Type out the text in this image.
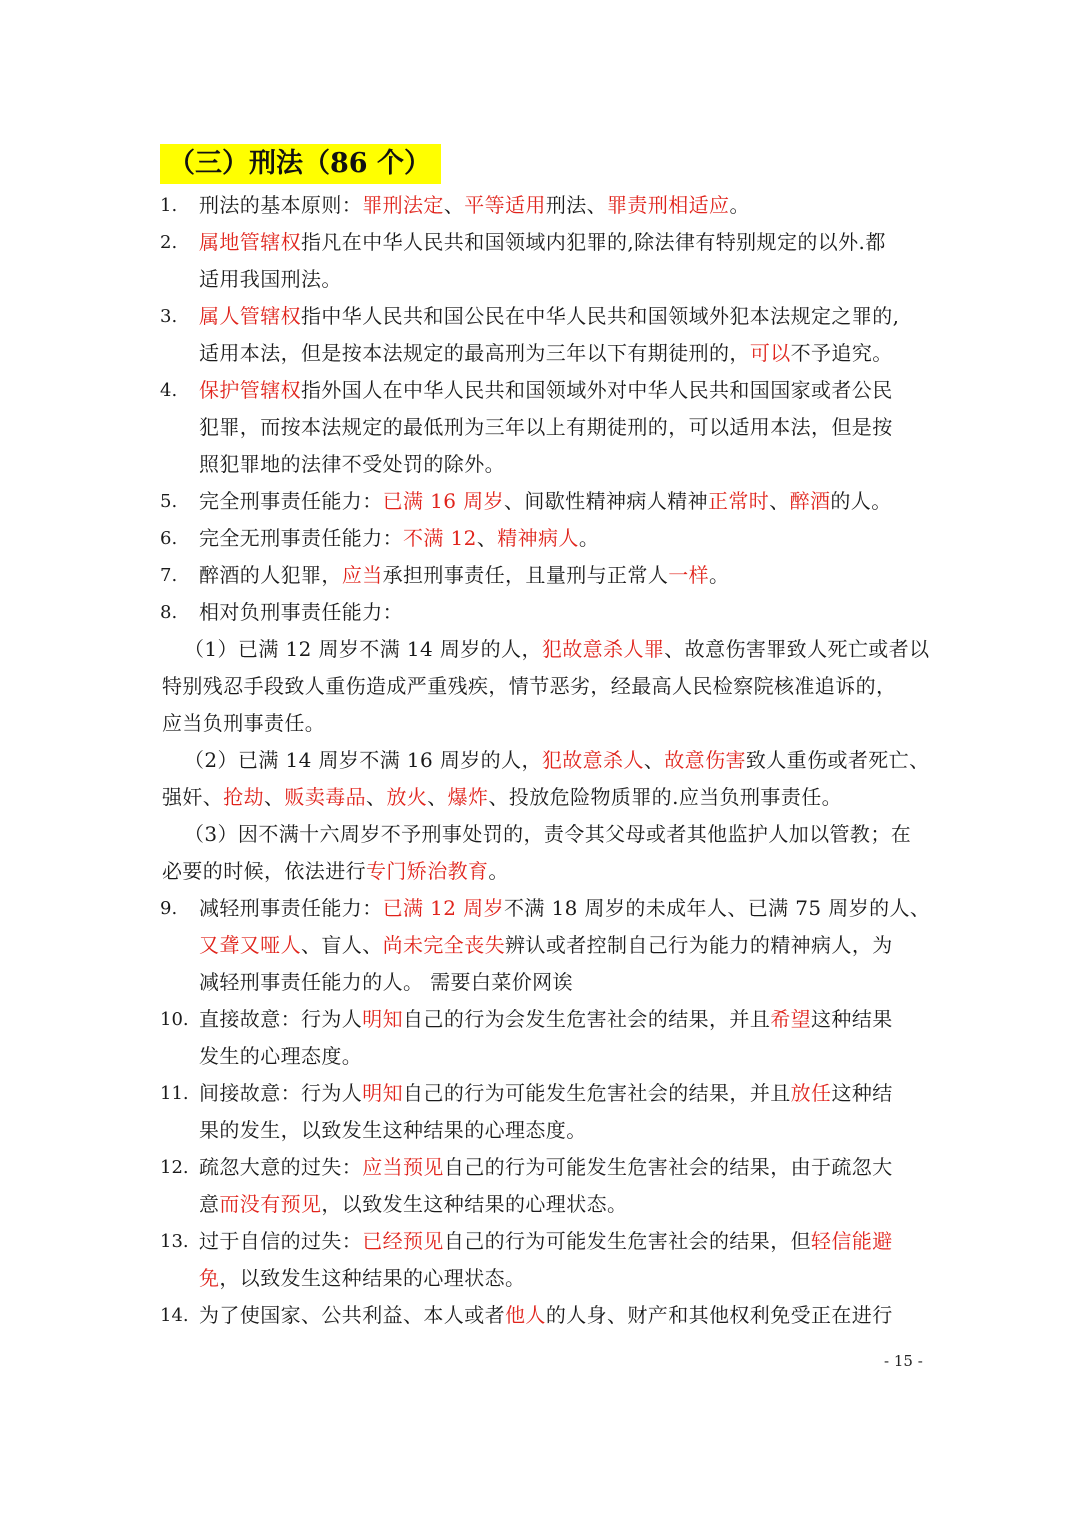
（三）刑法（86 个）
1. 刑法的基本原则：罪刑法定、平等适用刑法、罪责刑相适应。
2. 属地管辖权指凡在中华人民共和国领域内犯罪的,除法律有特别规定的以外.都
适用我国刑法。
3. 属人管辖权指中华人民共和国公民在中华人民共和国领域外犯本法规定之罪的,
适用本法，但是按本法规定的最高刑为三年以下有期徒刑的，可以不予追究。
4. 保护管辖权指外国人在中华人民共和国领域外对中华人民共和国国家或者公民
犯罪，而按本法规定的最低刑为三年以上有期徒刑的，可以适用本法，但是按
照犯罪地的法律不受处罚的除外。
5. 完全刑事责任能力：已满 16 周岁、间歇性精神病人精神正常时、醉酒的人。
6. 完全无刑事责任能力：不满 12、精神病人。
7. 醉酒的人犯罪，应当承担刑事责任，且量刑与正常人一样。
8. 相对负刑事责任能力：
（1）已满 12 周岁不满 14 周岁的人，犯故意杀人罪、故意伤害罪致人死亡或者以
特别残忍手段致人重伤造成严重残疾，情节恶劣，经最高人民检察院核准追诉的，
应当负刑事责任。
（2）已满 14 周岁不满 16 周岁的人，犯故意杀人、故意伤害致人重伤或者死亡、
强奸、抢劫、贩卖毒品、放火、爆炸、投放危险物质罪的.应当负刑事责任。
（3）因不满十六周岁不予刑事处罚的，责令其父母或者其他监护人加以管教；在
必要的时候，依法进行专门矫治教育。
9. 减轻刑事责任能力：已满 12 周岁不满 18 周岁的未成年人、已满 75 周岁的人、
又聋又哑人、盲人、尚未完全丧失辨认或者控制自己行为能力的精神病人，为
减轻刑事责任能力的人。 需要白菜价网诶
10. 直接故意：行为人明知自己的行为会发生危害社会的结果，并且希望这种结果
发生的心理态度。
11. 间接故意：行为人明知自己的行为可能发生危害社会的结果，并且放任这种结
果的发生，以致发生这种结果的心理态度。
12. 疏忽大意的过失：应当预见自己的行为可能发生危害社会的结果，由于疏忽大
意而没有预见，以致发生这种结果的心理状态。
13. 过于自信的过失：已经预见自己的行为可能发生危害社会的结果，但轻信能避
免，以致发生这种结果的心理状态。
14. 为了使国家、公共利益、本人或者他人的人身、财产和其他权利免受正在进行
- 15 -
